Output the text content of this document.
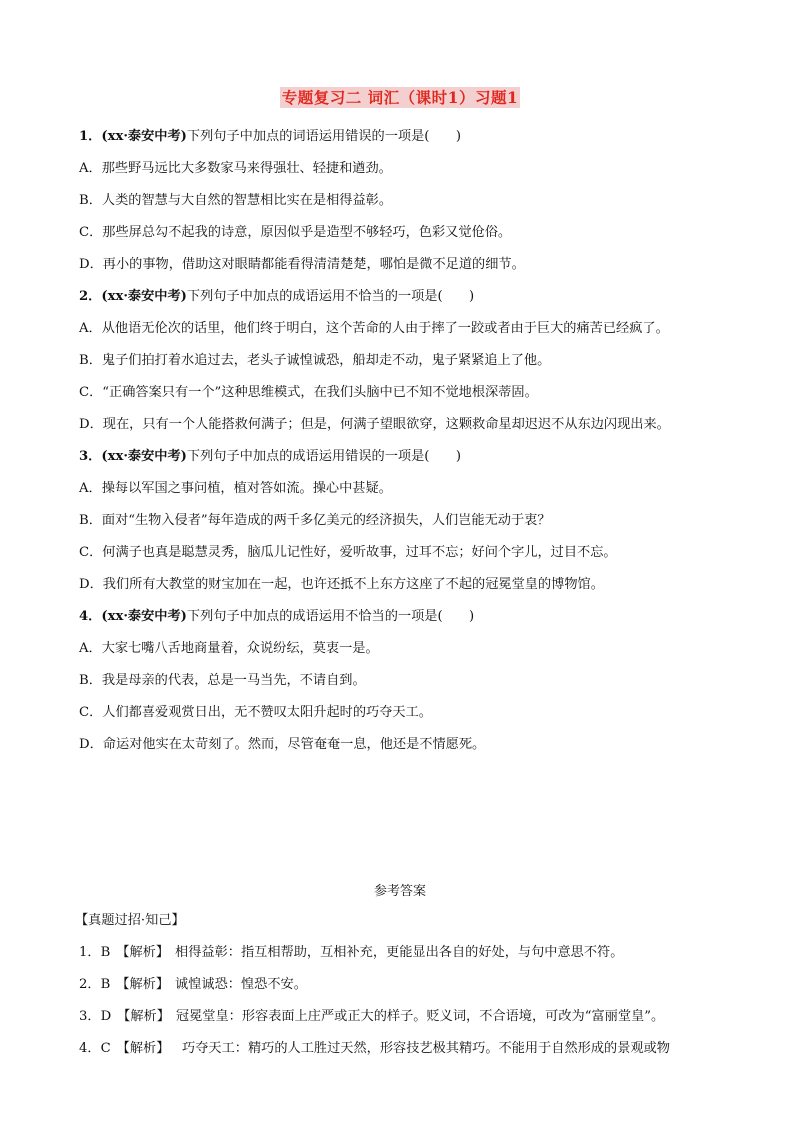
专题复习二 词汇（课时1）习题1
1．(xx·泰安中考)下列句子中加点的词语运用错误的一项是(　　)
A．那些野马远比大多数家马来得强壮、轻捷和遒劲。
B．人类的智慧与大自然的智慧相比实在是相得益彰。
C．那些屏总勾不起我的诗意，原因似乎是造型不够轻巧，色彩又觉伧俗。
D．再小的事物，借助这对眼睛都能看得清清楚楚，哪怕是微不足道的细节。
2．(xx·泰安中考)下列句子中加点的成语运用不恰当的一项是(　　)
A．从他语无伦次的话里，他们终于明白，这个苦命的人由于摔了一跤或者由于巨大的痛苦已经疯了。
B．鬼子们拍打着水追过去，老头子诚惶诚恐，船却走不动，鬼子紧紧追上了他。
C．“正确答案只有一个”这种思维模式，在我们头脑中已不知不觉地根深蒂固。
D．现在，只有一个人能搭救何满子；但是，何满子望眼欲穿，这颗救命星却迟迟不从东边闪现出来。
3．(xx·泰安中考)下列句子中加点的成语运用错误的一项是(　　)
A．操每以军国之事问植，植对答如流。操心中甚疑。
B．面对“生物入侵者”每年造成的两千多亿美元的经济损失，人们岂能无动于衷？
C．何满子也真是聪慧灵秀，脑瓜儿记性好，爱听故事，过耳不忘；好问个字儿，过目不忘。
D．我们所有大教堂的财宝加在一起，也许还抵不上东方这座了不起的冠冕堂皇的博物馆。
4．(xx·泰安中考)下列句子中加点的成语运用不恰当的一项是(　　)
A．大家七嘴八舌地商量着，众说纷纭，莫衷一是。
B．我是母亲的代表，总是一马当先，不请自到。
C．人们都喜爱观赏日出，无不赞叹太阳升起时的巧夺天工。
D．命运对他实在太苛刻了。然而，尽管奄奄一息，他还是不情愿死。
参考答案
【真题过招·知己】
1．B 【解析】 相得益彰：指互相帮助，互相补充，更能显出各自的好处，与句中意思不符。
2．B 【解析】 诚惶诚恐：惶恐不安。
3．D 【解析】 冠冕堂皇：形容表面上庄严或正大的样子。贬义词，不合语境，可改为“富丽堂皇”。
4．C 【解析】　巧夺天工：精巧的人工胜过天然，形容技艺极其精巧。不能用于自然形成的景观或物
